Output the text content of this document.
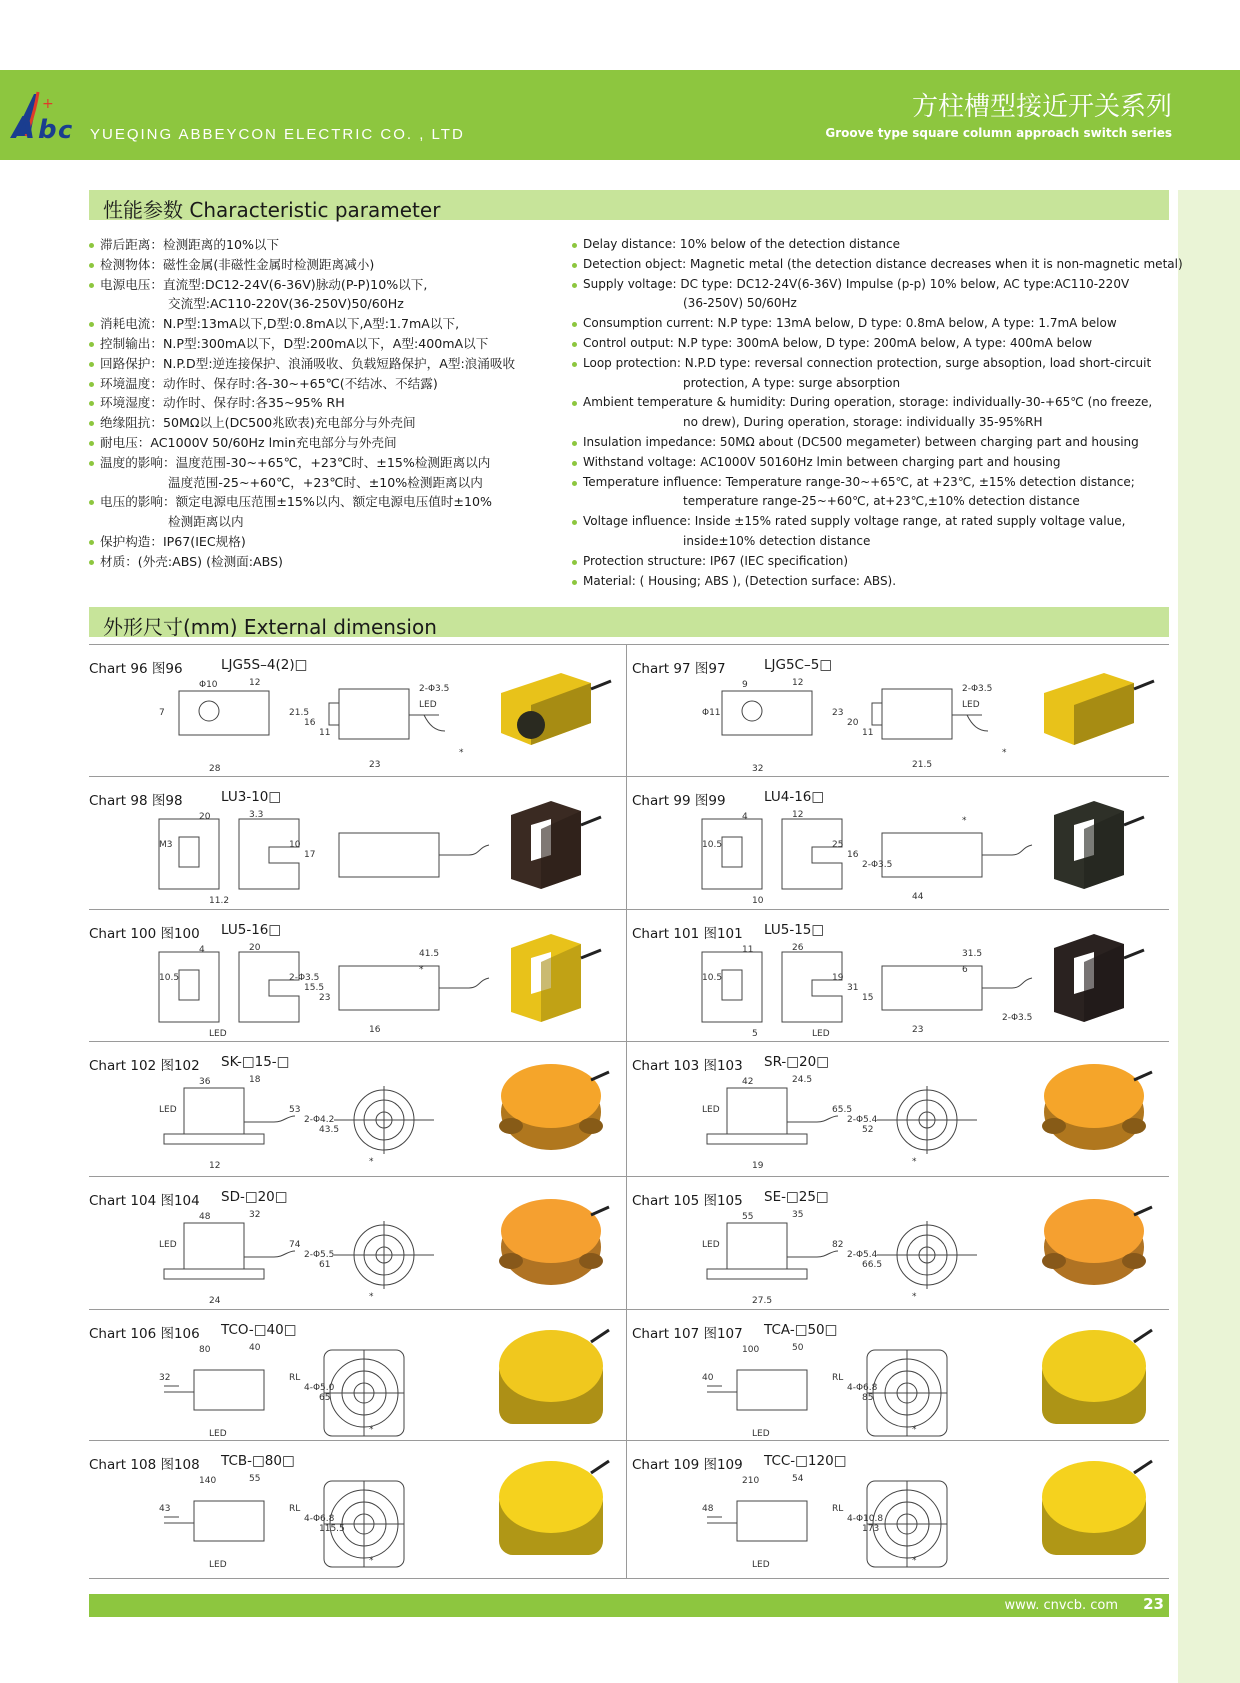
A b c
+
YUEQING ABBEYCON ELECTRIC CO. , LTD
方柱槽型接近开关系列
Groove type square column approach switch series
性能参数 Characteristic parameter
滞后距离：检测距离的10%以下
检测物体：磁性金属(非磁性金属时检测距离减小)
电源电压：直流型:DC12-24V(6-36V)脉动(P-P)10%以下,
交流型:AC110-220V(36-250V)50/60Hz
消耗电流：N.P型:13mA以下,D型:0.8mA以下,A型:1.7mA以下,
控制输出：N.P型:300mA以下，D型:200mA以下，A型:400mA以下
回路保护：N.P.D型:逆连接保护、浪涌吸收、负载短路保护，A型:浪涌吸收
环境温度：动作时、保存时:各-30~+65℃(不结冰、不结露)
环境湿度：动作时、保存时:各35~95% RH
绝缘阻抗：50MΩ以上(DC500兆欧表)充电部分与外壳间
耐电压：AC1000V 50/60Hz lmin充电部分与外壳间
温度的影响：温度范围-30~+65℃，+23℃时、±15%检测距离以内
温度范围-25~+60℃，+23℃时、±10%检测距离以内
电压的影响：额定电源电压范围±15%以内、额定电源电压值时±10%
检测距离以内
保护构造：IP67(IEC规格)
材质：(外壳:ABS) (检测面:ABS)
Delay distance: 10% below of the detection distance
Detection object: Magnetic metal (the detection distance decreases when it is non-magnetic metal)
Supply voltage: DC type: DC12-24V(6-36V) Impulse (p-p) 10% below, AC type:AC110-220V
(36-250V) 50/60Hz
Consumption current: N.P type: 13mA below, D type: 0.8mA below, A type: 1.7mA below
Control output: N.P type: 300mA below, D type: 200mA below, A type: 400mA below
Loop protection: N.P.D type: reversal connection protection, surge absoption, load short-circuit
protection, A type: surge absorption
Ambient temperature & humidity: During operation, storage: individually-30-+65℃ (no freeze,
no drew), During operation, storage: individually 35-95%RH
Insulation impedance: 50MΩ about (DC500 megameter) between charging part and housing
Withstand voltage: AC1000V 50160Hz lmin between charging part and housing
Temperature influence: Temperature range-30~+65℃, at +23℃, ±15% detection distance;
temperature range-25~+60℃, at+23℃,±10% detection distance
Voltage influence: Inside ±15% rated supply voltage range, at rated supply voltage value,
inside±10% detection distance
Protection structure: IP67 (IEC specification)
Material: ( Housing; ABS ), (Detection surface: ABS).
外形尺寸(mm) External dimension
Chart 96 图96	LJG5S–4(2)□
Φ10
7
12
28
21.5
16
11
23
2-Φ3.5
LED
*
Chart 97 图97	LJG5C–5□
9
Φ11
12
32
23
20
11
21.5
2-Φ3.5
LED
*
Chart 98 图98	LU3-10□
20
M3
3.3
11.2
10
17
Chart 99 图99	LU4-16□
4
10.5
12
10
25
16
2-Φ3.5
44
*
Chart 100 图100 LU5-16□
4
10.5
20
LED
2-Φ3.5
15.5
23
16
41.5
*
Chart 101 图101 LU5-15□
11
10.5
26
5
19
31
15
23
31.5
6
2-Φ3.5
LED
Chart 102 图102 SK-□15-□
36
LED
18
12
53
2-Φ4.2
43.5
*
Chart 103 图103 SR-□20□
42
LED
24.5
19
65.5
2-Φ5.4
52
*
Chart 104 图104 SD-□20□
48
LED
32
24
74
2-Φ5.5
61
*
Chart 105 图105 SE-□25□
55
LED
35
27.5
82
2-Φ5.4
66.5
*
Chart 106 图106 TCO-□40□
80
32
40
LED
RL
4-Φ5.0
65
*
Chart 107 图107 TCA-□50□
100
40
50
LED
RL
4-Φ6.8
85
*
Chart 108 图108 TCB-□80□
140
43
55
LED
RL
4-Φ6.8
115.5
*
Chart 109 图109 TCC-□120□
210
48
54
LED
RL
4-Φ10.8
173
*
www. cnvcb. com 23
